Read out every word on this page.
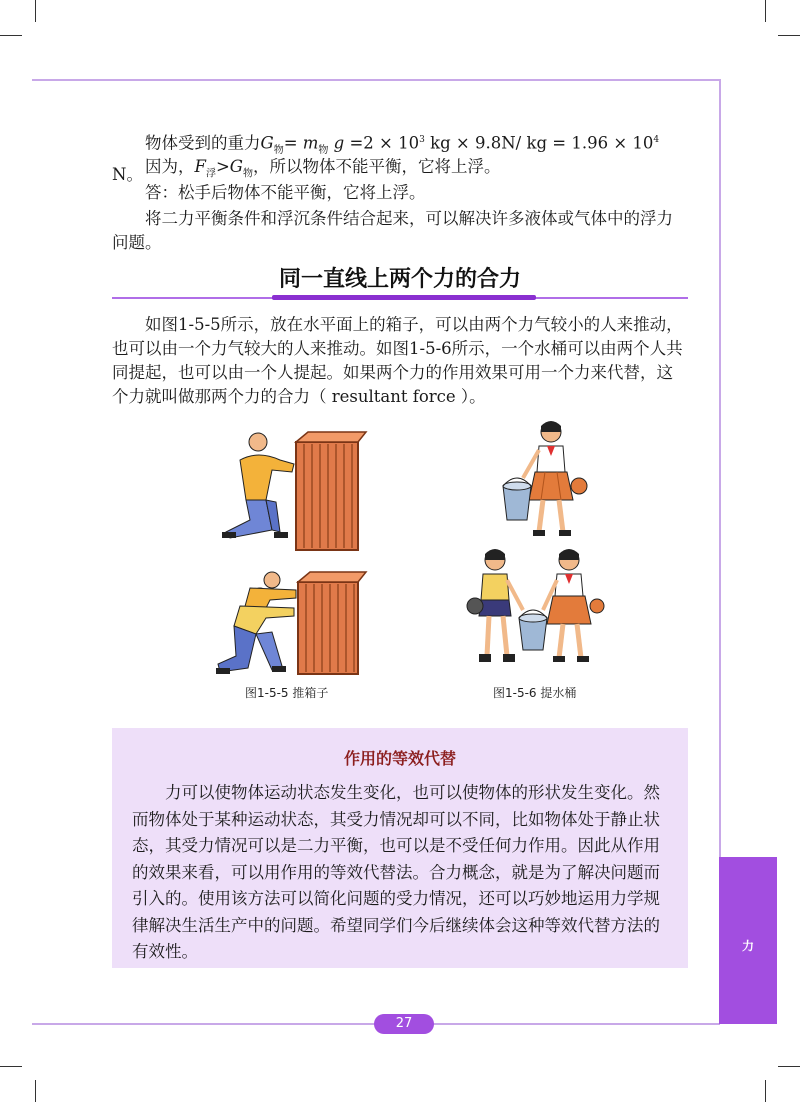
力
物体受到的重力$G_物= m_物$ $g =2 \times 10^3$ kg × 9.8N/ kg = $1.96 \times 10^4$ N。 因为，$F_浮>G_物$，所以物体不能平衡，它将上浮。
答：松手后物体不能平衡，它将上浮。
将二力平衡条件和浮沉条件结合起来，可以解决许多液体或气体中的浮力问题。
同一直线上两个力的合力
如图1-5-5所示，放在水平面上的箱子，可以由两个力气较小的人来推动，也可以由一个力气较大的人来推动。如图1-5-6所示，一个水桶可以由两个人共同提起，也可以由一个人提起。如果两个力的作用效果可用一个力来代替，这个力就叫做那两个力的合力（ resultant force ）。
图1-5-5 推箱子	图1-5-6 提水桶
作用的等效代替
力可以使物体运动状态发生变化，也可以使物体的形状发生变化。然而物体处于某种运动状态，其受力情况却可以不同，比如物体处于静止状态，其受力情况可以是二力平衡，也可以是不受任何力作用。因此从作用的效果来看，可以用作用的等效代替法。合力概念，就是为了解决问题而引入的。使用该方法可以简化问题的受力情况，还可以巧妙地运用力学规律解决生活生产中的问题。希望同学们今后继续体会这种等效代替方法的有效性。
27
